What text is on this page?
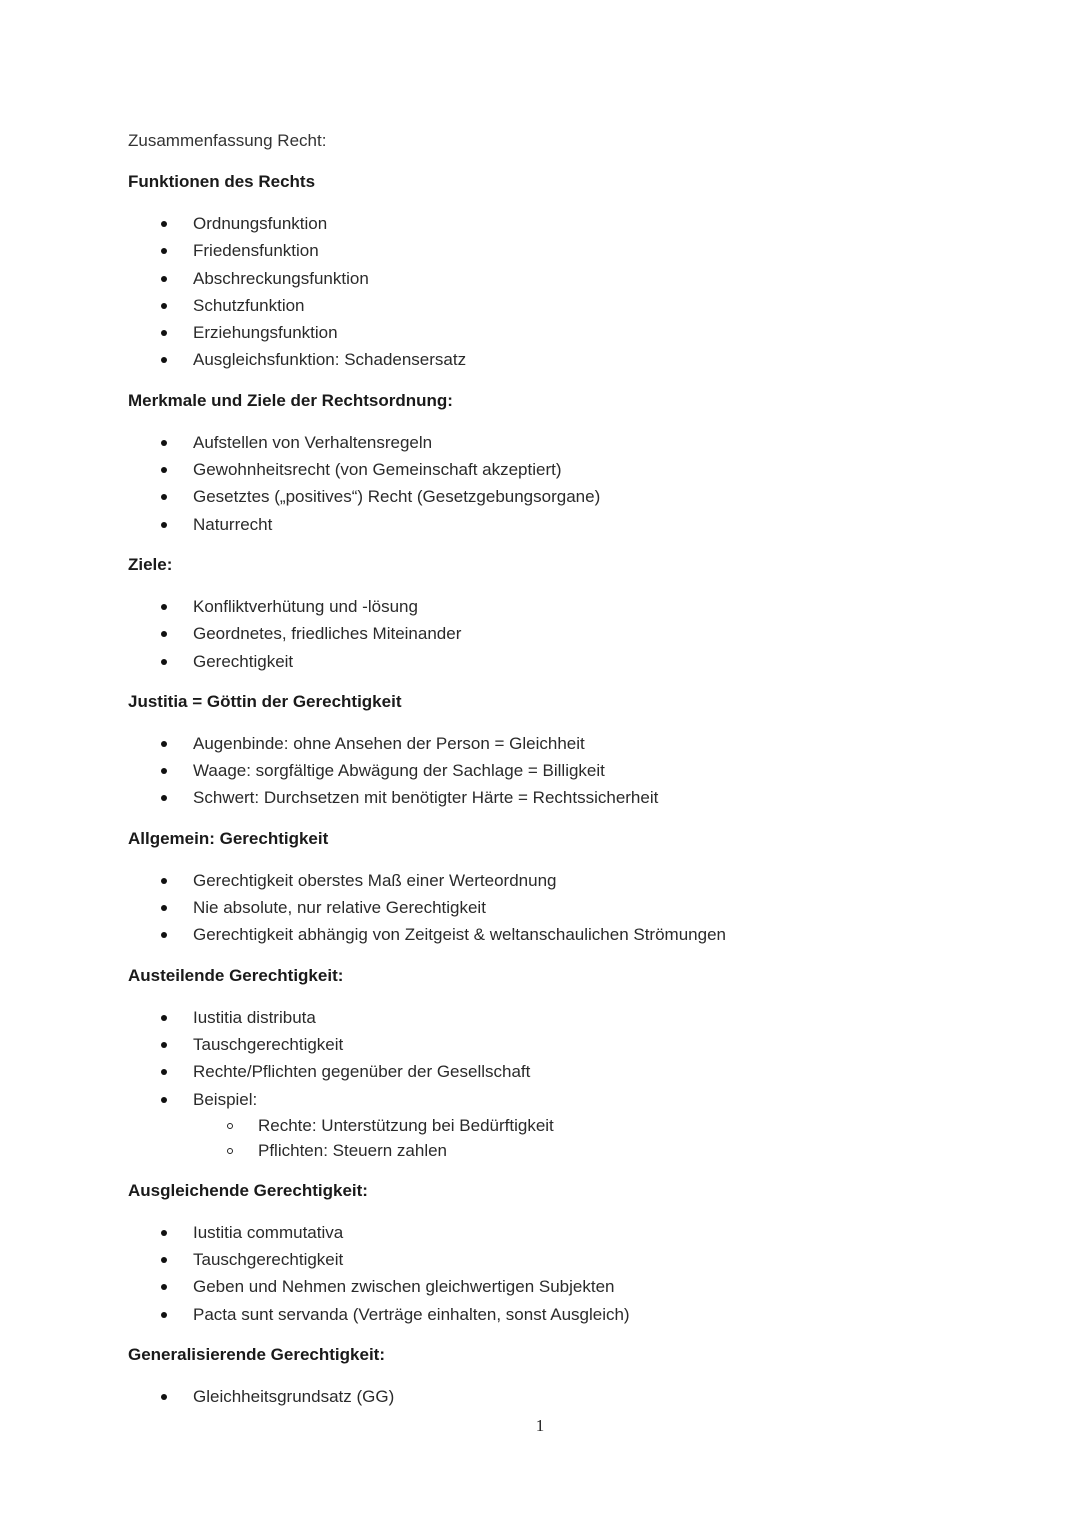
Zusammenfassung Recht:
Funktionen des Rechts
Ordnungsfunktion
Friedensfunktion
Abschreckungsfunktion
Schutzfunktion
Erziehungsfunktion
Ausgleichsfunktion: Schadensersatz
Merkmale und Ziele der Rechtsordnung:
Aufstellen von Verhaltensregeln
Gewohnheitsrecht (von Gemeinschaft akzeptiert)
Gesetztes („positives“) Recht (Gesetzgebungsorgane)
Naturrecht
Ziele:
Konfliktverhütung und -lösung
Geordnetes, friedliches Miteinander
Gerechtigkeit
Justitia = Göttin der Gerechtigkeit
Augenbinde: ohne Ansehen der Person = Gleichheit
Waage: sorgfältige Abwägung der Sachlage = Billigkeit
Schwert: Durchsetzen mit benötigter Härte = Rechtssicherheit
Allgemein: Gerechtigkeit
Gerechtigkeit oberstes Maß einer Werteordnung
Nie absolute, nur relative Gerechtigkeit
Gerechtigkeit abhängig von Zeitgeist & weltanschaulichen Strömungen
Austeilende Gerechtigkeit:
Iustitia distributa
Tauschgerechtigkeit
Rechte/Pflichten gegenüber der Gesellschaft
Beispiel:
Rechte: Unterstützung bei Bedürftigkeit
Pflichten: Steuern zahlen
Ausgleichende Gerechtigkeit:
Iustitia commutativa
Tauschgerechtigkeit
Geben und Nehmen zwischen gleichwertigen Subjekten
Pacta sunt servanda (Verträge einhalten, sonst Ausgleich)
Generalisierende Gerechtigkeit:
Gleichheitsgrundsatz (GG)
1
